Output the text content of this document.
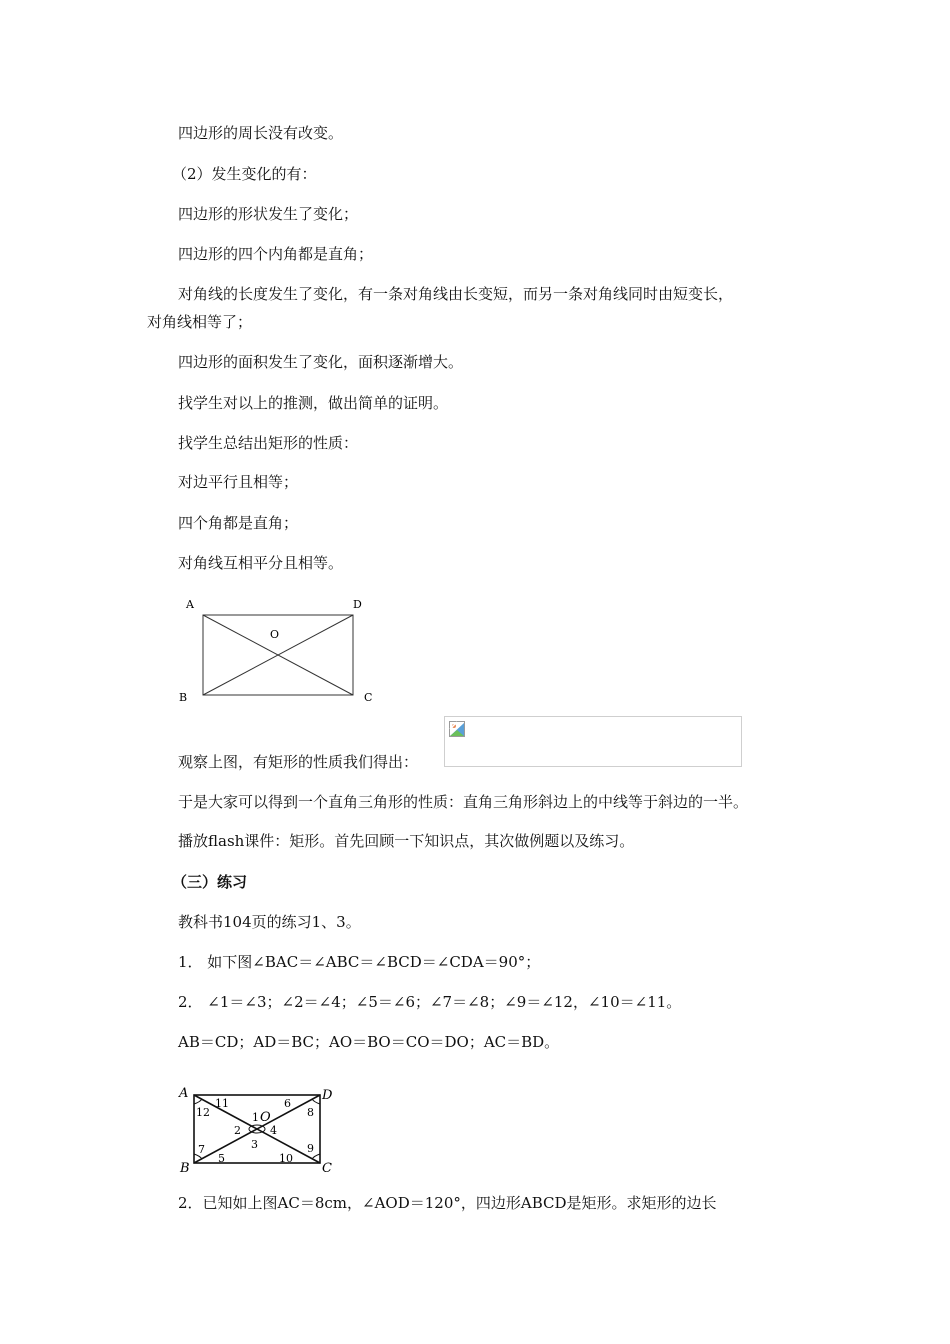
四边形的周长没有改变。
（2）发生变化的有：
四边形的形状发生了变化；
四边形的四个内角都是直角；
对角线的长度发生了变化，有一条对角线由长变短，而另一条对角线同时由短变长，
对角线相等了；
四边形的面积发生了变化，面积逐渐增大。
找学生对以上的推测，做出简单的证明。
找学生总结出矩形的性质：
对边平行且相等；
四个角都是直角；
对角线互相平分且相等。
A	D
B	C
O
观察上图，有矩形的性质我们得出：
于是大家可以得到一个直角三角形的性质：直角三角形斜边上的中线等于斜边的一半。
播放flash课件：矩形。首先回顾一下知识点，其次做例题以及练习。
（三）练习
教科书104页的练习1、3。
1． 如下图∠BAC＝∠ABC＝∠BCD＝∠CDA＝90°；
2． ∠1＝∠3；∠2＝∠4；∠5＝∠6；∠7＝∠8；∠9＝∠12，∠10＝∠11。
AB＝CD；AD＝BC；AO＝BO＝CO＝DO；AC＝BD。
A	D
B	C
O
1
2
3
4
5
6
7
8
9
10
11
12
2．已知如上图AC＝8cm，∠AOD＝120°，四边形ABCD是矩形。求矩形的边长
